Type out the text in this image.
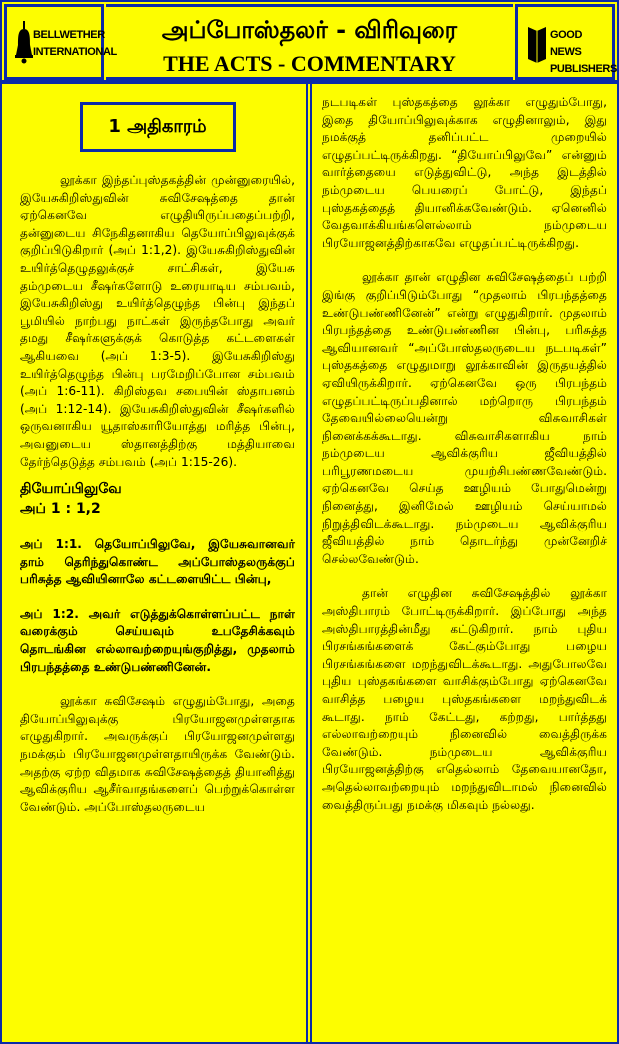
BELLWETHER
INTERNATIONAL
அப்போஸ்தலர் - விரிவுரை
THE ACTS - COMMENTARY
GOOD NEWS
PUBLISHERS
1 அதிகாரம்

லூக்கா இந்தப்புஸ்தகத்தின் முன்னுரையில், இயேசுகிறிஸ்துவின் சுவிசேஷத்தை தான் ஏற்கெனவே எழுதியிருப்பதைப்பற்றி, தன்னுடைய சிநேகிதனாகிய தெயோப்பிலுவுக்குக் குறிப்பிடுகிறார் (அப் 1:1,2). இயேசுகிறிஸ்துவின் உயிர்த்தெழுதலுக்குச் சாட்சிகள், இயேசு தம்முடைய சீஷர்களோடு உரையாடிய சம்பவம், இயேசுகிறிஸ்து உயிர்த்தெழுந்த பின்பு இந்தப் பூமியில் நாற்பது நாட்கள் இருந்தபோது அவர் தமது சீஷர்களுக்குக் கொடுத்த கட்டளைகள் ஆகியவை (அப் 1:3-5). இயேசுகிறிஸ்து உயிர்த்தெழுந்த பின்பு பரமேறிப்போன சம்பவம் (அப் 1:6-11). கிறிஸ்தவ சபையின் ஸ்தாபனம் (அப் 1:12-14). இயேசுகிறிஸ்துவின் சீஷர்களில் ஒருவனாகிய யூதாஸ்காரியோத்து மரித்த பின்பு, அவனுடைய ஸ்தானத்திற்கு மத்தியாவை தேர்ந்தெடுத்த சம்பவம் (அப் 1:15-26).

தியோப்பிலுவே
அப் 1 : 1,2

அப் 1:1. தெயோப்பிலுவே, இயேசுவானவர் தாம் தெரிந்துகொண்ட அப்போஸ்தலருக்குப் பரிசுத்த ஆவியினாலே கட்டளையிட்ட பின்பு,

அப் 1:2. அவர் எடுத்துக்கொள்ளப்பட்ட நாள் வரைக்கும் செய்யவும் உபதேசிக்கவும் தொடங்கின எல்லாவற்றையுங்குறித்து, முதலாம் பிரபந்தத்தை உண்டுபண்ணினேன்.

லூக்கா சுவிசேஷம் எழுதும்போது, அதை தியோப்பிலுவுக்கு பிரயோஜனமுள்ளதாக எழுதுகிறார். அவருக்குப் பிரயோஜனமுள்ளது நமக்கும் பிரயோஜனமுள்ளதாயிருக்க வேண்டும். அதற்கு ஏற்ற விதமாக சுவிசேஷத்தைத் தியானித்து ஆவிக்குரிய ஆசீர்வாதங்களைப் பெற்றுக்கொள்ள வேண்டும். அப்போஸ்தலருடைய

நடபடிகள் புஸ்தகத்தை லூக்கா எழுதும்போது, இதை தியோப்பிலுவுக்காக எழுதினாலும், இது நமக்குத் தனிப்பட்ட முறையில் எழுதப்பட்டிருக்கிறது. “தியோப்பிலுவே” என்னும் வார்த்தையை எடுத்துவிட்டு, அந்த இடத்தில் நம்முடைய பெயரைப் போட்டு, இந்தப் புஸ்தகத்தைத் தியானிக்கவேண்டும். ஏனெனில் வேதவாக்கியங்களெல்லாம் நம்முடைய பிரயோஜனத்திற்காகவே எழுதப்பட்டிருக்கிறது.

லூக்கா தான் எழுதின சுவிசேஷத்தைப் பற்றி இங்கு குறிப்பிடும்போது “முதலாம் பிரபந்தத்தை உண்டுபண்ணினேன்” என்று எழுதுகிறார். முதலாம் பிரபந்தத்தை உண்டுபண்ணின பின்பு, பரிசுத்த ஆவியானவர் “அப்போஸ்தலருடைய நடபடிகள்” புஸ்தகத்தை எழுதுமாறு லூக்காவின் இருதயத்தில் ஏவியிருக்கிறார். ஏற்கெனவே ஒரு பிரபந்தம் எழுதப்பட்டிருப்பதினால் மற்றொரு பிரபந்தம் தேவையில்லையென்று விசுவாசிகள் நினைக்கக்கூடாது. விசுவாசிகளாகிய நாம் நம்முடைய ஆவிக்குரிய ஜீவியத்தில் பரிபூரணமடைய முயற்சிபண்ணவேண்டும். ஏற்கெனவே செய்த ஊழியம் போதுமென்று நினைத்து, இனிமேல் ஊழியம் செய்யாமல் நிறுத்திவிடக்கூடாது. நம்முடைய ஆவிக்குரிய ஜீவியத்தில் நாம் தொடர்ந்து முன்னேறிச் செல்லவேண்டும்.

தான் எழுதின சுவிசேஷத்தில் லூக்கா அஸ்திபாரம் போட்டிருக்கிறார். இப்போது அந்த அஸ்திபாரத்தின்மீது கட்டுகிறார். நாம் புதிய பிரசங்கங்களைக் கேட்கும்போது பழைய பிரசங்கங்களை மறந்துவிடக்கூடாது. அதுபோலவே புதிய புஸ்தகங்களை வாசிக்கும்போது ஏற்கெனவே வாசித்த பழைய புஸ்தகங்களை மறந்துவிடக் கூடாது. நாம் கேட்டது, கற்றது, பார்த்தது எல்லாவற்றையும் நினைவில் வைத்திருக்க வேண்டும். நம்முடைய ஆவிக்குரிய பிரயோஜனத்திற்கு எதெல்லாம் தேவையானதோ, அதெல்லாவற்றையும் மறந்துவிடாமல் நினைவில் வைத்திருப்பது நமக்கு மிகவும் நல்லது.
